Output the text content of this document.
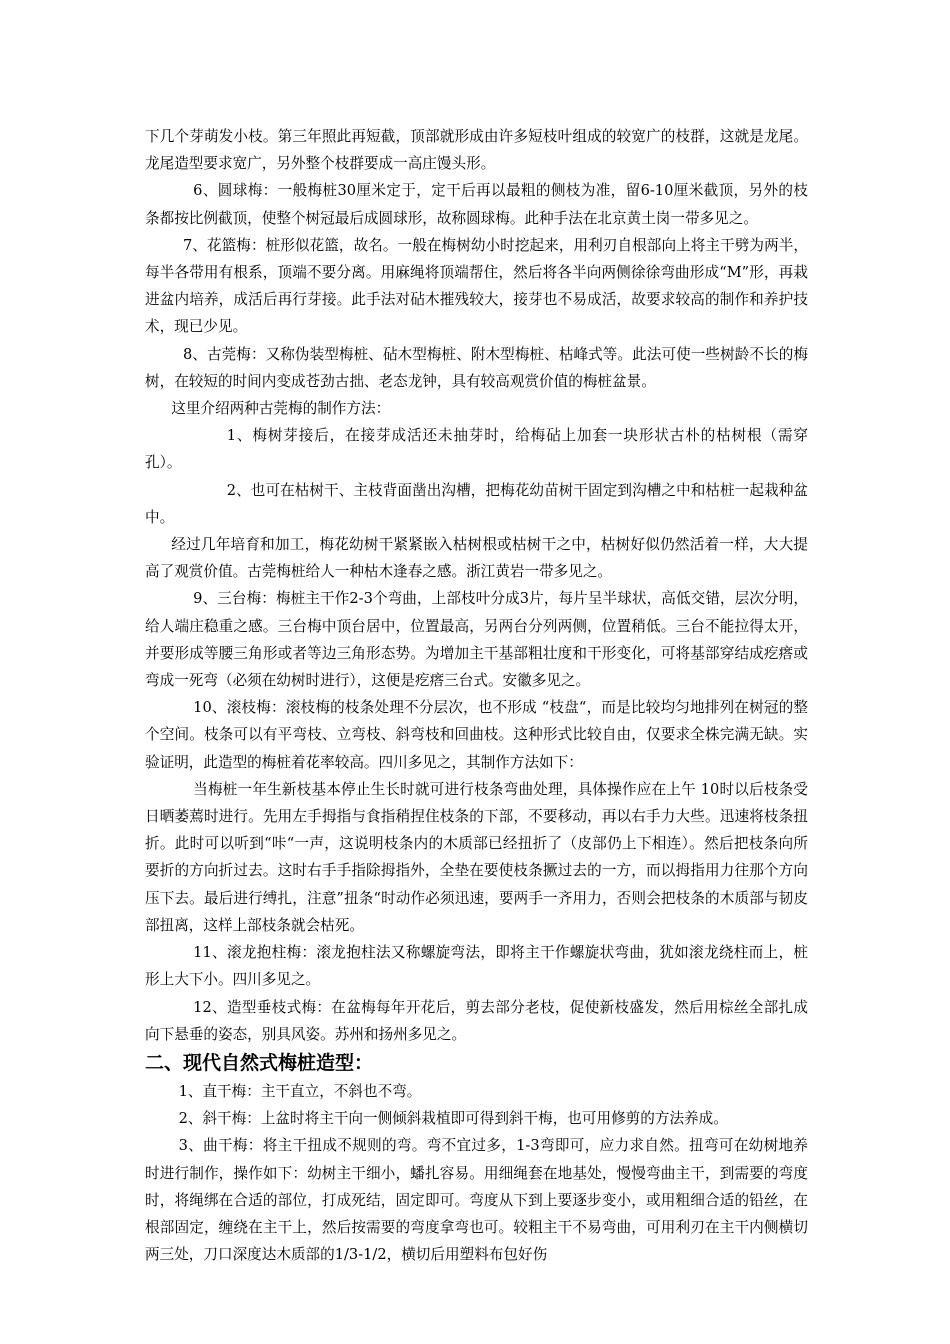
下几个芽萌发小枝。第三年照此再短截，顶部就形成由许多短枝叶组成的较宽广的枝群，这就是龙尾。龙尾造型要求宽广，另外整个枝群要成一高庄馒头形。

6、圆球梅：一般梅桩30厘米定于，定干后再以最粗的侧枝为准，留6-10厘米截顶，另外的枝条都按比例截顶，使整个树冠最后成圆球形，故称圆球梅。此种手法在北京黄土岗一带多见之。

7、花篮梅：桩形似花篮，故名。一般在梅树幼小时挖起来，用利刃自根部向上将主干劈为两半，每半各带用有根系，顶端不要分离。用麻绳将顶端帮住，然后将各半向两侧徐徐弯曲形成“M”形，再栽进盆内培养，成活后再行芽接。此手法对砧木摧残较大，接芽也不易成活，故要求较高的制作和养护技术，现已少见。

8、古莞梅：又称伪装型梅桩、砧木型梅桩、附木型梅桩、枯峰式等。此法可使一些树龄不长的梅树，在较短的时间内变成苍劲古拙、老态龙钟，具有较高观赏价值的梅桩盆景。

这里介绍两种古莞梅的制作方法：

1、梅树芽接后，在接芽成活还未抽芽时，给梅砧上加套一块形状古朴的枯树根（需穿孔）。

2、也可在枯树干、主枝背面凿出沟槽，把梅花幼苗树干固定到沟槽之中和枯桩一起栽种盆中。

经过几年培育和加工，梅花幼树干紧紧嵌入枯树根或枯树干之中，枯树好似仍然活着一样，大大提高了观赏价值。古莞梅桩给人一种枯木逢春之感。浙江黄岩一带多见之。

9、三台梅：梅桩主干作2-3个弯曲，上部枝叶分成3片，每片呈半球状，高低交错，层次分明，给人端庄稳重之感。三台梅中顶台居中，位置最高，另两台分列两侧，位置稍低。三台不能拉得太开，并要形成等腰三角形或者等边三角形态势。为增加主干基部粗壮度和干形变化，可将基部穿结成疙瘩或弯成一死弯（必须在幼树时进行），这便是疙瘩三台式。安徽多见之。

10、滚枝梅：滚枝梅的枝条处理不分层次，也不形成 “枝盘“，而是比较均匀地排列在树冠的整个空间。枝条可以有平弯枝、立弯枝、斜弯枝和回曲枝。这种形式比较自由，仅要求全株完满无缺。实验证明，此造型的梅桩着花率较高。四川多见之，其制作方法如下：

当梅桩一年生新枝基本停止生长时就可进行枝条弯曲处理，具体操作应在上午 10时以后枝条受日晒萎蔫时进行。先用左手拇指与食指稍捏住枝条的下部，不要移动，再以右手力大些。迅速将枝条扭折。此时可以听到“咔“一声，这说明枝条内的木质部已经扭折了（皮部仍上下相连）。然后把枝条向所要折的方向折过去。这时右手手指除拇指外，全垫在要使枝条撅过去的一方，而以拇指用力往那个方向压下去。最后进行缚扎，注意”扭条“时动作必须迅速，要两手一齐用力，否则会把枝条的木质部与韧皮部扭离，这样上部枝条就会枯死。

11、滚龙抱柱梅：滚龙抱柱法又称螺旋弯法，即将主干作螺旋状弯曲，犹如滚龙绕柱而上，桩形上大下小。四川多见之。

12、造型垂枝式梅：在盆梅每年开花后，剪去部分老枝，促使新枝盛发，然后用棕丝全部扎成向下悬垂的姿态，别具风姿。苏州和扬州多见之。

二、现代自然式梅桩造型：

1、直干梅：主干直立，不斜也不弯。

2、斜干梅：上盆时将主干向一侧倾斜栽植即可得到斜干梅，也可用修剪的方法养成。

3、曲干梅：将主干扭成不规则的弯。弯不宜过多，1-3弯即可，应力求自然。扭弯可在幼树地养时进行制作，操作如下：幼树主干细小，蟠扎容易。用细绳套在地基处，慢慢弯曲主干，到需要的弯度时，将绳绑在合适的部位，打成死结，固定即可。弯度从下到上要逐步变小，或用粗细合适的铅丝，在根部固定，缠绕在主干上，然后按需要的弯度拿弯也可。较粗主干不易弯曲，可用利刃在主干内侧横切两三处，刀口深度达木质部的1/3-1/2，横切后用塑料布包好伤
